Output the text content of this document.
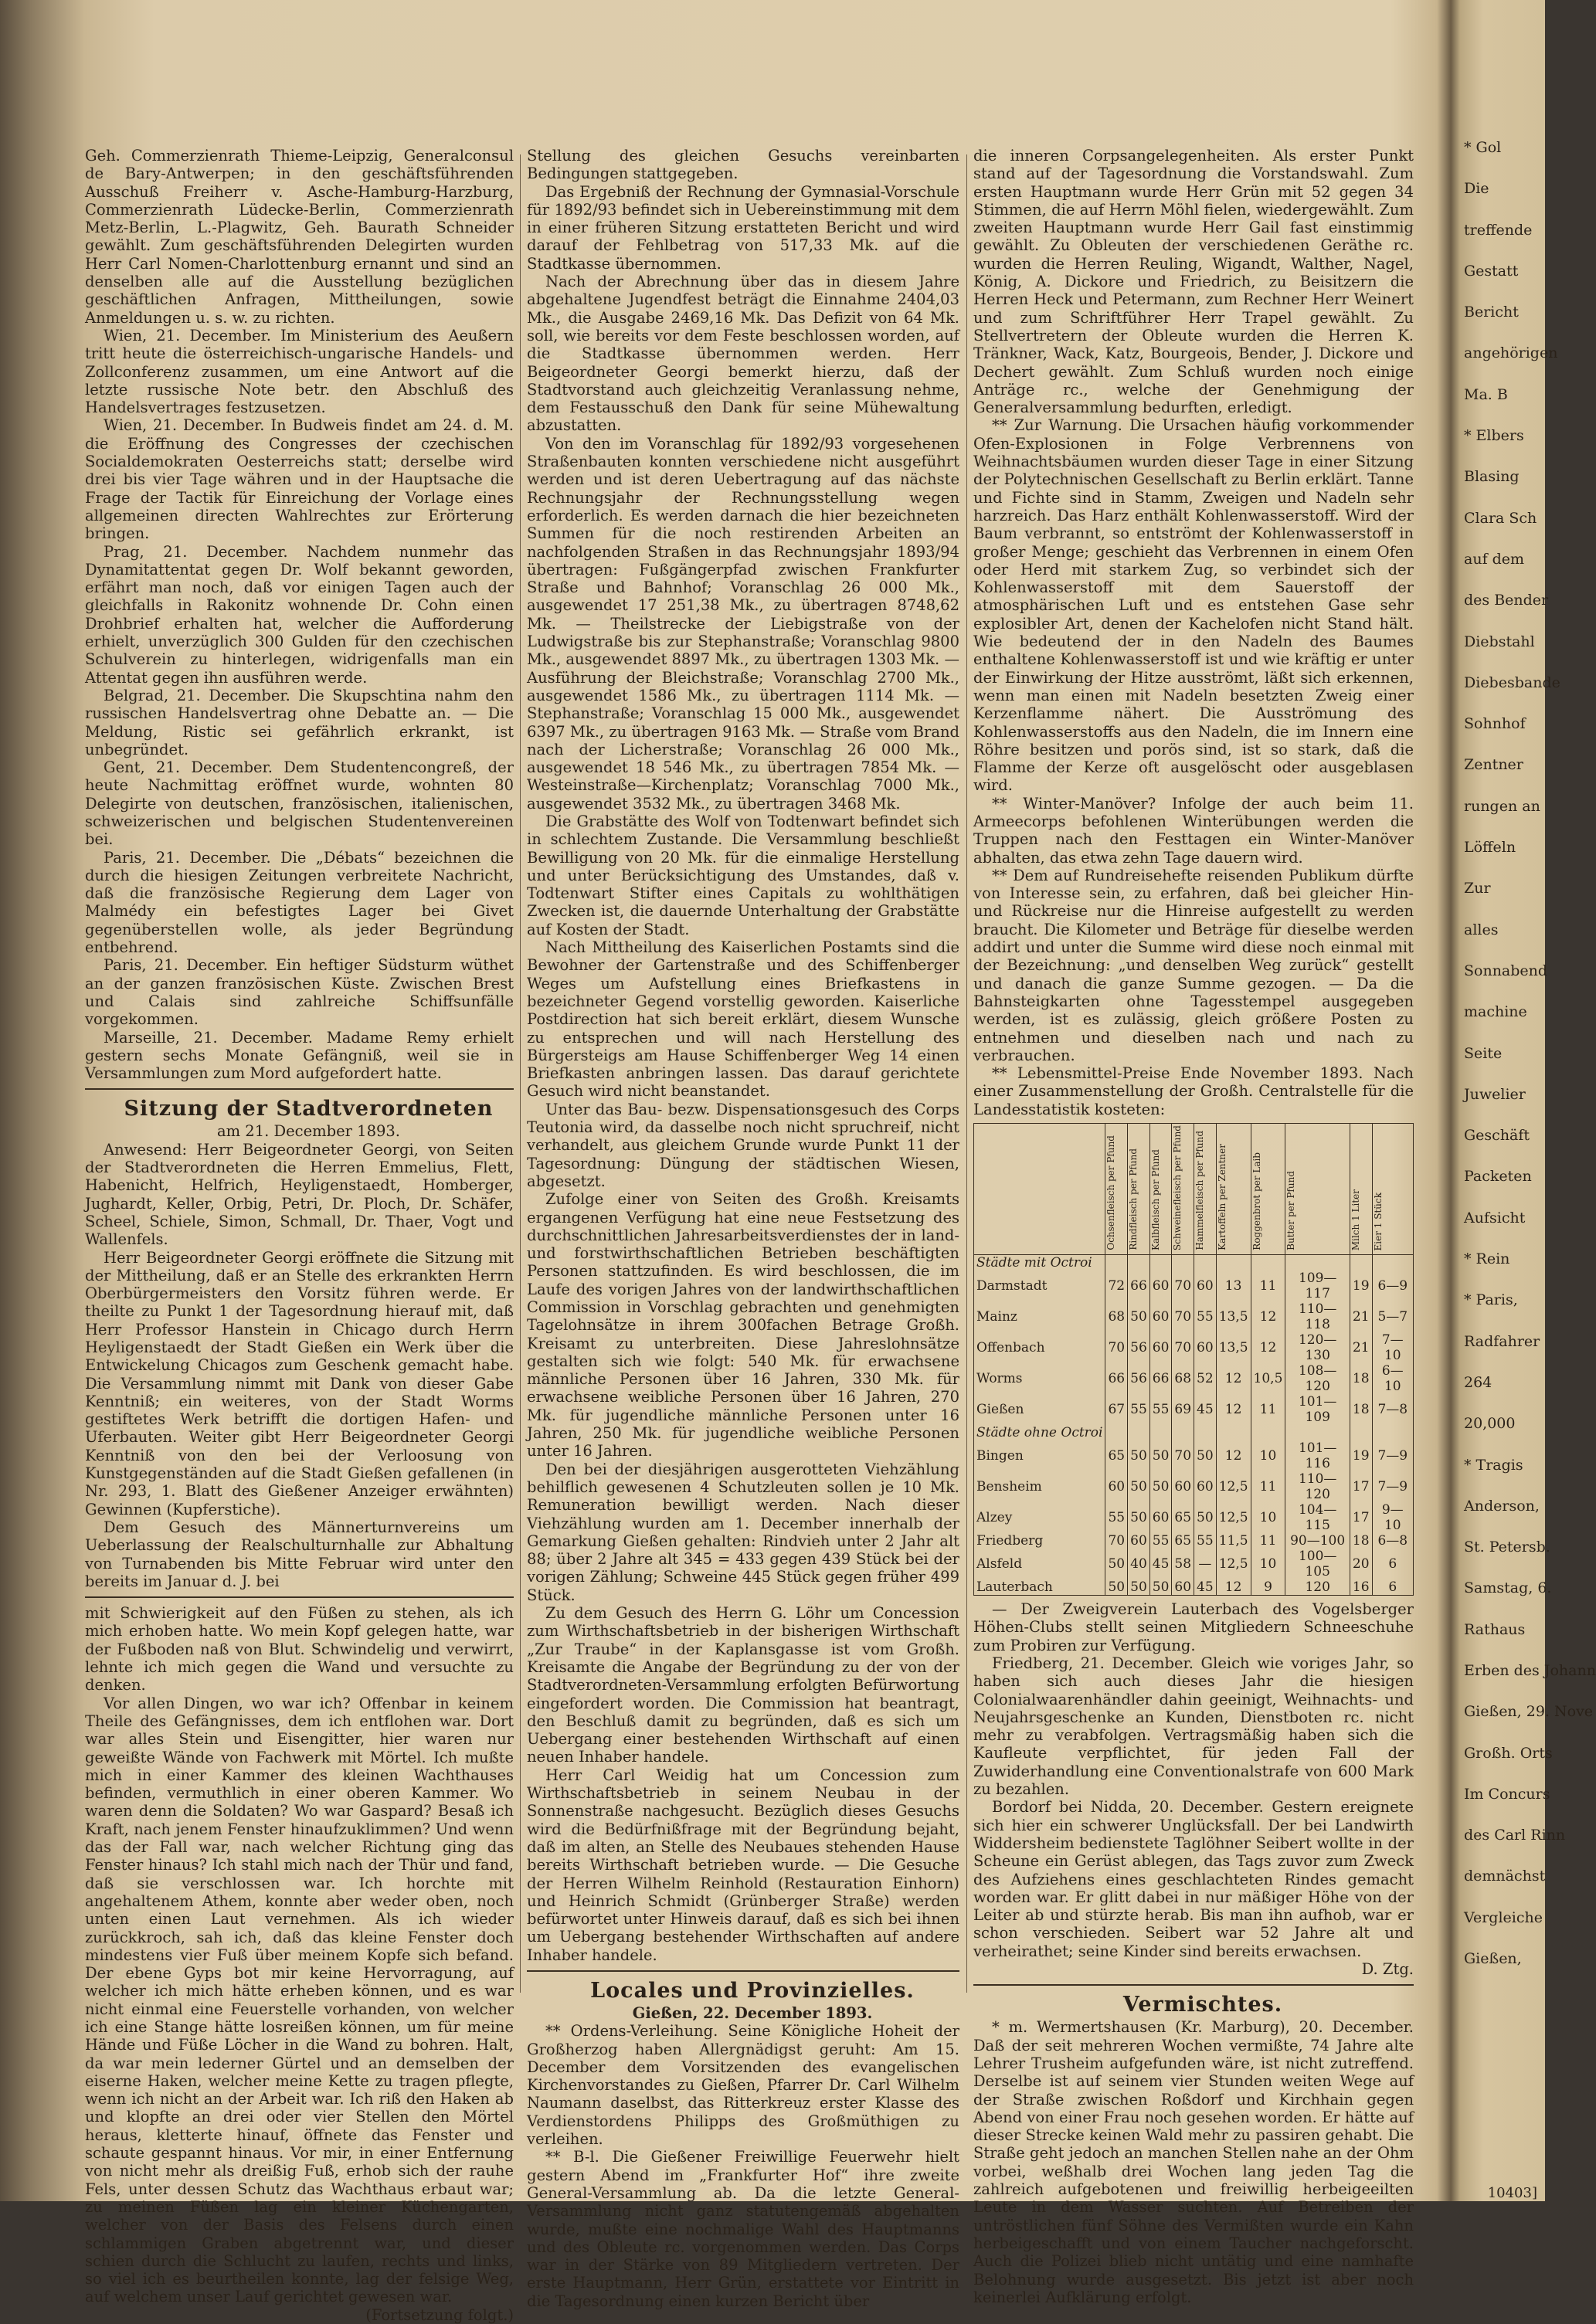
Geh. Commerzienrath Thieme-Leipzig, Generalconsul de Bary-Antwerpen; in den geschäftsführenden Ausschuß Freiherr v. Asche-Hamburg-Harzburg, Commerzienrath Lüdecke-Berlin, Commerzienrath Metz-Berlin, L.-Plagwitz, Geh. Baurath Schneider gewählt. Zum geschäftsführenden Delegirten wurden Herr Carl Nomen-Charlottenburg ernannt und sind an denselben alle auf die Ausstellung bezüglichen geschäftlichen Anfragen, Mittheilungen, sowie Anmeldungen u. s. w. zu richten.

Wien, 21. December. Im Ministerium des Aeußern tritt heute die österreichisch-ungarische Handels- und Zollconferenz zusammen, um eine Antwort auf die letzte russische Note betr. den Abschluß des Handelsvertrages festzusetzen.

Wien, 21. December. In Budweis findet am 24. d. M. die Eröffnung des Congresses der czechischen Socialdemokraten Oesterreichs statt; derselbe wird drei bis vier Tage währen und in der Hauptsache die Frage der Tactik für Einreichung der Vorlage eines allgemeinen directen Wahlrechtes zur Erörterung bringen.

Prag, 21. December. Nachdem nunmehr das Dynamitattentat gegen Dr. Wolf bekannt geworden, erfährt man noch, daß vor einigen Tagen auch der gleichfalls in Rakonitz wohnende Dr. Cohn einen Drohbrief erhalten hat, welcher die Aufforderung erhielt, unverzüglich 300 Gulden für den czechischen Schulverein zu hinterlegen, widrigenfalls man ein Attentat gegen ihn ausführen werde.

Belgrad, 21. December. Die Skupschtina nahm den russischen Handelsvertrag ohne Debatte an. — Die Meldung, Ristic sei gefährlich erkrankt, ist unbegründet.

Gent, 21. December. Dem Studentencongreß, der heute Nachmittag eröffnet wurde, wohnten 80 Delegirte von deutschen, französischen, italienischen, schweizerischen und belgischen Studentenvereinen bei.

Paris, 21. December. Die „Débats“ bezeichnen die durch die hiesigen Zeitungen verbreitete Nachricht, daß die französische Regierung dem Lager von Malmédy ein befestigtes Lager bei Givet gegenüberstellen wolle, als jeder Begründung entbehrend.

Paris, 21. December. Ein heftiger Südsturm wüthet an der ganzen französischen Küste. Zwischen Brest und Calais sind zahlreiche Schiffsunfälle vorgekommen.

Marseille, 21. December. Madame Remy erhielt gestern sechs Monate Gefängniß, weil sie in Versammlungen zum Mord aufgefordert hatte.

Sitzung der Stadtverordneten

am 21. December 1893.

Anwesend: Herr Beigeordneter Georgi, von Seiten der Stadtverordneten die Herren Emmelius, Flett, Habenicht, Helfrich, Heyligenstaedt, Homberger, Jughardt, Keller, Orbig, Petri, Dr. Ploch, Dr. Schäfer, Scheel, Schiele, Simon, Schmall, Dr. Thaer, Vogt und Wallenfels.

Herr Beigeordneter Georgi eröffnete die Sitzung mit der Mittheilung, daß er an Stelle des erkrankten Herrn Oberbürgermeisters den Vorsitz führen werde. Er theilte zu Punkt 1 der Tagesordnung hierauf mit, daß Herr Professor Hanstein in Chicago durch Herrn Heyligenstaedt der Stadt Gießen ein Werk über die Entwickelung Chicagos zum Geschenk gemacht habe. Die Versammlung nimmt mit Dank von dieser Gabe Kenntniß; ein weiteres, von der Stadt Worms gestiftetes Werk betrifft die dortigen Hafen- und Uferbauten. Weiter gibt Herr Beigeordneter Georgi Kenntniß von den bei der Verloosung von Kunstgegenständen auf die Stadt Gießen gefallenen (in Nr. 293, 1. Blatt des Gießener Anzeiger erwähnten) Gewinnen (Kupferstiche).

Dem Gesuch des Männerturnvereins um Ueberlassung der Realschulturnhalle zur Abhaltung von Turnabenden bis Mitte Februar wird unter den bereits im Januar d. J. bei

mit Schwierigkeit auf den Füßen zu stehen, als ich mich erhoben hatte. Wo mein Kopf gelegen hatte, war der Fußboden naß von Blut. Schwindelig und verwirrt, lehnte ich mich gegen die Wand und versuchte zu denken.

Vor allen Dingen, wo war ich? Offenbar in keinem Theile des Gefängnisses, dem ich entflohen war. Dort war alles Stein und Eisengitter, hier waren nur geweißte Wände von Fachwerk mit Mörtel. Ich mußte mich in einer Kammer des kleinen Wachthauses befinden, vermuthlich in einer oberen Kammer. Wo waren denn die Soldaten? Wo war Gaspard? Besaß ich Kraft, nach jenem Fenster hinaufzuklimmen? Und wenn das der Fall war, nach welcher Richtung ging das Fenster hinaus? Ich stahl mich nach der Thür und fand, daß sie verschlossen war. Ich horchte mit angehaltenem Athem, konnte aber weder oben, noch unten einen Laut vernehmen. Als ich wieder zurückkroch, sah ich, daß das kleine Fenster doch mindestens vier Fuß über meinem Kopfe sich befand. Der ebene Gyps bot mir keine Hervorragung, auf welcher ich mich hätte erheben können, und es war nicht einmal eine Feuerstelle vorhanden, von welcher ich eine Stange hätte losreißen können, um für meine Hände und Füße Löcher in die Wand zu bohren. Halt, da war mein lederner Gürtel und an demselben der eiserne Haken, welcher meine Kette zu tragen pflegte, wenn ich nicht an der Arbeit war. Ich riß den Haken ab und klopfte an drei oder vier Stellen den Mörtel heraus, kletterte hinauf, öffnete das Fenster und schaute gespannt hinaus. Vor mir, in einer Entfernung von nicht mehr als dreißig Fuß, erhob sich der rauhe Fels, unter dessen Schutz das Wachthaus erbaut war; zu meinen Füßen lag ein kleiner Küchengarten, welcher von der Basis des Felsens durch einen schlammigen Graben abgetrennt war, und dieser schien durch die Schlucht zu laufen, rechts und links, so viel ich es beurtheilen konnte, lag der felsige Weg, auf welchem unser Lauf gerichtet gewesen war.

(Fortsetzung folgt.)

Stellung des gleichen Gesuchs vereinbarten Bedingungen stattgegeben.

Das Ergebniß der Rechnung der Gymnasial-Vorschule für 1892/93 befindet sich in Uebereinstimmung mit dem in einer früheren Sitzung erstatteten Bericht und wird darauf der Fehlbetrag von 517,33 Mk. auf die Stadtkasse übernommen.

Nach der Abrechnung über das in diesem Jahre abgehaltene Jugendfest beträgt die Einnahme 2404,03 Mk., die Ausgabe 2469,16 Mk. Das Defizit von 64 Mk. soll, wie bereits vor dem Feste beschlossen worden, auf die Stadtkasse übernommen werden. Herr Beigeordneter Georgi bemerkt hierzu, daß der Stadtvorstand auch gleichzeitig Veranlassung nehme, dem Festausschuß den Dank für seine Mühewaltung abzustatten.

Von den im Voranschlag für 1892/93 vorgesehenen Straßenbauten konnten verschiedene nicht ausgeführt werden und ist deren Uebertragung auf das nächste Rechnungsjahr der Rechnungsstellung wegen erforderlich. Es werden darnach die hier bezeichneten Summen für die noch restirenden Arbeiten an nachfolgenden Straßen in das Rechnungsjahr 1893/94 übertragen: Fußgängerpfad zwischen Frankfurter Straße und Bahnhof; Voranschlag 26 000 Mk., ausgewendet 17 251,38 Mk., zu übertragen 8748,62 Mk. — Theilstrecke der Liebigstraße von der Ludwigstraße bis zur Stephanstraße; Voranschlag 9800 Mk., ausgewendet 8897 Mk., zu übertragen 1303 Mk. — Ausführung der Bleichstraße; Voranschlag 2700 Mk., ausgewendet 1586 Mk., zu übertragen 1114 Mk. — Stephanstraße; Voranschlag 15 000 Mk., ausgewendet 6397 Mk., zu übertragen 9163 Mk. — Straße vom Brand nach der Licherstraße; Voranschlag 26 000 Mk., ausgewendet 18 546 Mk., zu übertragen 7854 Mk. — Westeinstraße—Kirchenplatz; Voranschlag 7000 Mk., ausgewendet 3532 Mk., zu übertragen 3468 Mk.

Die Grabstätte des Wolf von Todtenwart befindet sich in schlechtem Zustande. Die Versammlung beschließt Bewilligung von 20 Mk. für die einmalige Herstellung und unter Berücksichtigung des Umstandes, daß v. Todtenwart Stifter eines Capitals zu wohlthätigen Zwecken ist, die dauernde Unterhaltung der Grabstätte auf Kosten der Stadt.

Nach Mittheilung des Kaiserlichen Postamts sind die Bewohner der Gartenstraße und des Schiffenberger Weges um Aufstellung eines Briefkastens in bezeichneter Gegend vorstellig geworden. Kaiserliche Postdirection hat sich bereit erklärt, diesem Wunsche zu entsprechen und will nach Herstellung des Bürgersteigs am Hause Schiffenberger Weg 14 einen Briefkasten anbringen lassen. Das darauf gerichtete Gesuch wird nicht beanstandet.

Unter das Bau- bezw. Dispensationsgesuch des Corps Teutonia wird, da dasselbe noch nicht spruchreif, nicht verhandelt, aus gleichem Grunde wurde Punkt 11 der Tagesordnung: Düngung der städtischen Wiesen, abgesetzt.

Zufolge einer von Seiten des Großh. Kreisamts ergangenen Verfügung hat eine neue Festsetzung des durchschnittlichen Jahresarbeitsverdienstes der in land- und forstwirthschaftlichen Betrieben beschäftigten Personen stattzufinden. Es wird beschlossen, die im Laufe des vorigen Jahres von der landwirthschaftlichen Commission in Vorschlag gebrachten und genehmigten Tagelohnsätze in ihrem 300fachen Betrage Großh. Kreisamt zu unterbreiten. Diese Jahreslohnsätze gestalten sich wie folgt: 540 Mk. für erwachsene männliche Personen über 16 Jahren, 330 Mk. für erwachsene weibliche Personen über 16 Jahren, 270 Mk. für jugendliche männliche Personen unter 16 Jahren, 250 Mk. für jugendliche weibliche Personen unter 16 Jahren.

Den bei der diesjährigen ausgerotteten Viehzählung behilflich gewesenen 4 Schutzleuten sollen je 10 Mk. Remuneration bewilligt werden. Nach dieser Viehzählung wurden am 1. December innerhalb der Gemarkung Gießen gehalten: Rindvieh unter 2 Jahr alt 88; über 2 Jahre alt 345 = 433 gegen 439 Stück bei der vorigen Zählung; Schweine 445 Stück gegen früher 499 Stück.

Zu dem Gesuch des Herrn G. Löhr um Concession zum Wirthschaftsbetrieb in der bisherigen Wirthschaft „Zur Traube“ in der Kaplansgasse ist vom Großh. Kreisamte die Angabe der Begründung zu der von der Stadtverordneten-Versammlung erfolgten Befürwortung eingefordert worden. Die Commission hat beantragt, den Beschluß damit zu begründen, daß es sich um Uebergang einer bestehenden Wirthschaft auf einen neuen Inhaber handele.

Herr Carl Weidig hat um Concession zum Wirthschaftsbetrieb in seinem Neubau in der Sonnenstraße nachgesucht. Bezüglich dieses Gesuchs wird die Bedürfnißfrage mit der Begründung bejaht, daß im alten, an Stelle des Neubaues stehenden Hause bereits Wirthschaft betrieben wurde. — Die Gesuche der Herren Wilhelm Reinhold (Restauration Einhorn) und Heinrich Schmidt (Grünberger Straße) werden befürwortet unter Hinweis darauf, daß es sich bei ihnen um Uebergang bestehender Wirthschaften auf andere Inhaber handele.

Locales und Provinzielles.

Gießen, 22. December 1893.

** Ordens-Verleihung. Seine Königliche Hoheit der Großherzog haben Allergnädigst geruht: Am 15. December dem Vorsitzenden des evangelischen Kirchenvorstandes zu Gießen, Pfarrer Dr. Carl Wilhelm Naumann daselbst, das Ritterkreuz erster Klasse des Verdienstordens Philipps des Großmüthigen zu verleihen.

** B-l. Die Gießener Freiwillige Feuerwehr hielt gestern Abend im „Frankfurter Hof“ ihre zweite General-Versammlung ab. Da die letzte General-Versammlung nicht ganz statutengemäß abgehalten wurde, mußte eine nochmalige Wahl des Hauptmanns und des Obleute rc. vorgenommen werden. Das Corps war in der Stärke von 89 Mitgliedern vertreten. Der erste Hauptmann, Herr Grün, erstattete vor Eintritt in die Tagesordnung einen kurzen Bericht über

die inneren Corpsangelegenheiten. Als erster Punkt stand auf der Tagesordnung die Vorstandswahl. Zum ersten Hauptmann wurde Herr Grün mit 52 gegen 34 Stimmen, die auf Herrn Möhl fielen, wiedergewählt. Zum zweiten Hauptmann wurde Herr Gail fast einstimmig gewählt. Zu Obleuten der verschiedenen Geräthe rc. wurden die Herren Reuling, Wigandt, Walther, Nagel, König, A. Dickore und Friedrich, zu Beisitzern die Herren Heck und Petermann, zum Rechner Herr Weinert und zum Schriftführer Herr Trapel gewählt. Zu Stellvertretern der Obleute wurden die Herren K. Tränkner, Wack, Katz, Bourgeois, Bender, J. Dickore und Dechert gewählt. Zum Schluß wurden noch einige Anträge rc., welche der Genehmigung der Generalversammlung bedurften, erledigt.

** Zur Warnung. Die Ursachen häufig vorkommender Ofen-Explosionen in Folge Verbrennens von Weihnachtsbäumen wurden dieser Tage in einer Sitzung der Polytechnischen Gesellschaft zu Berlin erklärt. Tanne und Fichte sind in Stamm, Zweigen und Nadeln sehr harzreich. Das Harz enthält Kohlenwasserstoff. Wird der Baum verbrannt, so entströmt der Kohlenwasserstoff in großer Menge; geschieht das Verbrennen in einem Ofen oder Herd mit starkem Zug, so verbindet sich der Kohlenwasserstoff mit dem Sauerstoff der atmosphärischen Luft und es entstehen Gase sehr explosibler Art, denen der Kachelofen nicht Stand hält. Wie bedeutend der in den Nadeln des Baumes enthaltene Kohlenwasserstoff ist und wie kräftig er unter der Einwirkung der Hitze ausströmt, läßt sich erkennen, wenn man einen mit Nadeln besetzten Zweig einer Kerzenflamme nähert. Die Ausströmung des Kohlenwasserstoffs aus den Nadeln, die im Innern eine Röhre besitzen und porös sind, ist so stark, daß die Flamme der Kerze oft ausgelöscht oder ausgeblasen wird.

** Winter-Manöver? Infolge der auch beim 11. Armeecorps befohlenen Winterübungen werden die Truppen nach den Festtagen ein Winter-Manöver abhalten, das etwa zehn Tage dauern wird.

** Dem auf Rundreisehefte reisenden Publikum dürfte von Interesse sein, zu erfahren, daß bei gleicher Hin- und Rückreise nur die Hinreise aufgestellt zu werden braucht. Die Kilometer und Beträge für dieselbe werden addirt und unter die Summe wird diese noch einmal mit der Bezeichnung: „und denselben Weg zurück“ gestellt und danach die ganze Summe gezogen. — Da die Bahnsteigkarten ohne Tagesstempel ausgegeben werden, ist es zulässig, gleich größere Posten zu entnehmen und dieselben nach und nach zu verbrauchen.

** Lebensmittel-Preise Ende November 1893. Nach einer Zusammenstellung der Großh. Centralstelle für die Landesstatistik kosteten:

	Ochsenfleisch per Pfund	Rindfleisch per Pfund	Kalbfleisch per Pfund	Schweinefleisch per Pfund	Hammelfleisch per Pfund	Kartoffeln per Zentner	Roggenbrot per Laib	Butter per Pfund	Milch 1 Liter	Eier 1 Stück
Städte mit Octroi										
Darmstadt	72	66	60	70	60	13	11	109—117	19	6—9
Mainz	68	50	60	70	55	13,5	12	110—118	21	5—7
Offenbach	70	56	60	70	60	13,5	12	120—130	21	7—10
Worms	66	56	66	68	52	12	10,5	108—120	18	6—10
Gießen	67	55	55	69	45	12	11	101—109	18	7—8
Städte ohne Octroi										
Bingen	65	50	50	70	50	12	10	101—116	19	7—9
Bensheim	60	50	50	60	60	12,5	11	110—120	17	7—9
Alzey	55	50	60	65	50	12,5	10	104—115	17	9—10
Friedberg	70	60	55	65	55	11,5	11	90—100	18	6—8
Alsfeld	50	40	45	58	—	12,5	10	100—105	20	6
Lauterbach	50	50	50	60	45	12	9	120	16	6

— Der Zweigverein Lauterbach des Vogelsberger Höhen-Clubs stellt seinen Mitgliedern Schneeschuhe zum Probiren zur Verfügung.

Friedberg, 21. December. Gleich wie voriges Jahr, so haben sich auch dieses Jahr die hiesigen Colonialwaarenhändler dahin geeinigt, Weihnachts- und Neujahrsgeschenke an Kunden, Dienstboten rc. nicht mehr zu verabfolgen. Vertragsmäßig haben sich die Kaufleute verpflichtet, für jeden Fall der Zuwiderhandlung eine Conventionalstrafe von 600 Mark zu bezahlen.

Bordorf bei Nidda, 20. December. Gestern ereignete sich hier ein schwerer Unglücksfall. Der bei Landwirth Widdersheim bedienstete Taglöhner Seibert wollte in der Scheune ein Gerüst ablegen, das Tags zuvor zum Zweck des Aufziehens eines geschlachteten Rindes gemacht worden war. Er glitt dabei in nur mäßiger Höhe von der Leiter ab und stürzte herab. Bis man ihn aufhob, war er schon verschieden. Seibert war 52 Jahre alt und verheirathet; seine Kinder sind bereits erwachsen.

D. Ztg.

Vermischtes.

* m. Wermertshausen (Kr. Marburg), 20. December. Daß der seit mehreren Wochen vermißte, 74 Jahre alte Lehrer Trusheim aufgefunden wäre, ist nicht zutreffend. Derselbe ist auf seinem vier Stunden weiten Wege auf der Straße zwischen Roßdorf und Kirchhain gegen Abend von einer Frau noch gesehen worden. Er hätte auf dieser Strecke keinen Wald mehr zu passiren gehabt. Die Straße geht jedoch an manchen Stellen nahe an der Ohm vorbei, weßhalb drei Wochen lang jeden Tag die zahlreich aufgebotenen und freiwillig herbeigeeilten Leute in dem Wasser suchten. Auf Betreiben der untröstlichen fünf Söhne des Vermißten wurde ein Kahn herbeigeschafft und von einem Taucher nachgeforscht. Auch die Polizei blieb nicht untätig und eine namhafte Belohnung wurde ausgesetzt. Bis jetzt ist aber noch keinerlei Aufklärung erfolgt.

* Gol
Die
treffende
Gestatt
Bericht
angehörigen
Ma. B
* Elbers
Blasing
Clara Sch
auf dem
des Bender
Diebstahl
Diebesbande
Sohnhof
Zentner
rungen an
Löffeln
Zur
alles
Sonnabend
machine
Seite
Juwelier
Geschäft
Packeten
Aufsicht
* Rein
* Paris,
Radfahrer
264
20,000
* Tragis
Anderson,
St. Petersb.
Samstag, 6.
Rathaus
Erben des Johann
Gießen, 29. Nove
Großh. Orts
Im Concurs
des Carl Rinn
demnächst
Vergleiche
Gießen,
10403]
